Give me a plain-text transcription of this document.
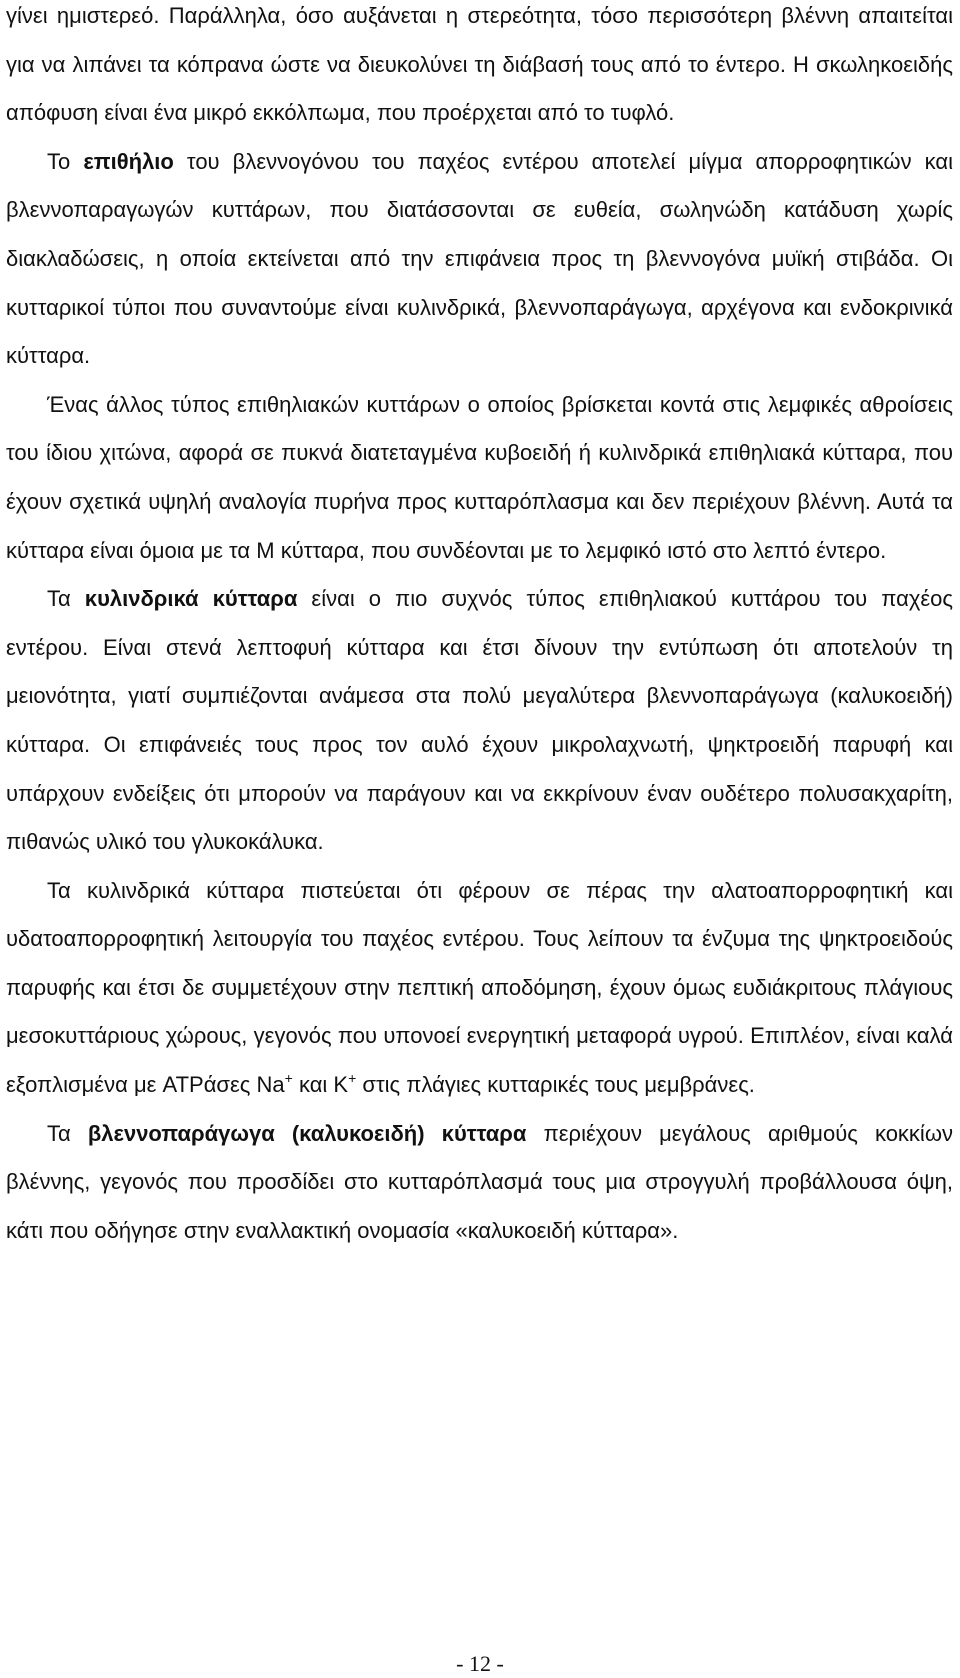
γίνει ημιστερεό. Παράλληλα, όσο αυξάνεται η στερεότητα, τόσο περισσότερη βλέννη απαιτείται για να λιπάνει τα κόπρανα ώστε να διευκολύνει τη διάβασή τους από το έντερο. Η σκωληκοειδής απόφυση είναι ένα μικρό εκκόλπωμα, που προέρχεται από το τυφλό.

Το επιθήλιο του βλεννογόνου του παχέος εντέρου αποτελεί μίγμα απορροφητικών και βλεννοπαραγωγών κυττάρων, που διατάσσονται σε ευθεία, σωληνώδη κατάδυση χωρίς διακλαδώσεις, η οποία εκτείνεται από την επιφάνεια προς τη βλεννογόνα μυϊκή στιβάδα. Οι κυτταρικοί τύποι που συναντούμε είναι κυλινδρικά, βλεννοπαράγωγα, αρχέγονα και ενδοκρινικά κύτταρα.

Ένας άλλος τύπος επιθηλιακών κυττάρων ο οποίος βρίσκεται κοντά στις λεμφικές αθροίσεις του ίδιου χιτώνα, αφορά σε πυκνά διατεταγμένα κυβοειδή ή κυλινδρικά επιθηλιακά κύτταρα, που έχουν σχετικά υψηλή αναλογία πυρήνα προς κυτταρόπλασμα και δεν περιέχουν βλέννη. Αυτά τα κύτταρα είναι όμοια με τα Μ κύτταρα, που συνδέονται με το λεμφικό ιστό στο λεπτό έντερο.

Τα κυλινδρικά κύτταρα είναι ο πιο συχνός τύπος επιθηλιακού κυττάρου του παχέος εντέρου. Είναι στενά λεπτοφυή κύτταρα και έτσι δίνουν την εντύπωση ότι αποτελούν τη μειονότητα, γιατί συμπιέζονται ανάμεσα στα πολύ μεγαλύτερα βλεννοπαράγωγα (καλυκοειδή) κύτταρα. Οι επιφάνειές τους προς τον αυλό έχουν μικρολαχνωτή, ψηκτροειδή παρυφή και υπάρχουν ενδείξεις ότι μπορούν να παράγουν και να εκκρίνουν έναν ουδέτερο πολυσακχαρίτη, πιθανώς υλικό του γλυκοκάλυκα.

Τα κυλινδρικά κύτταρα πιστεύεται ότι φέρουν σε πέρας την αλατοαπορροφητική και υδατοαπορροφητική λειτουργία του παχέος εντέρου. Τους λείπουν τα ένζυμα της ψηκτροειδούς παρυφής και έτσι δε συμμετέχουν στην πεπτική αποδόμηση, έχουν όμως ευδιάκριτους πλάγιους μεσοκυττάριους χώρους, γεγονός που υπονοεί ενεργητική μεταφορά υγρού. Επιπλέον, είναι καλά εξοπλισμένα με ATPάσες Na+ και K+ στις πλάγιες κυτταρικές τους μεμβράνες.

Τα βλεννοπαράγωγα (καλυκοειδή) κύτταρα περιέχουν μεγάλους αριθμούς κοκκίων βλέννης, γεγονός που προσδίδει στο κυτταρόπλασμά τους μια στρογγυλή προβάλλουσα όψη, κάτι που οδήγησε στην εναλλακτική ονομασία «καλυκοειδή κύτταρα».

- 12 -
